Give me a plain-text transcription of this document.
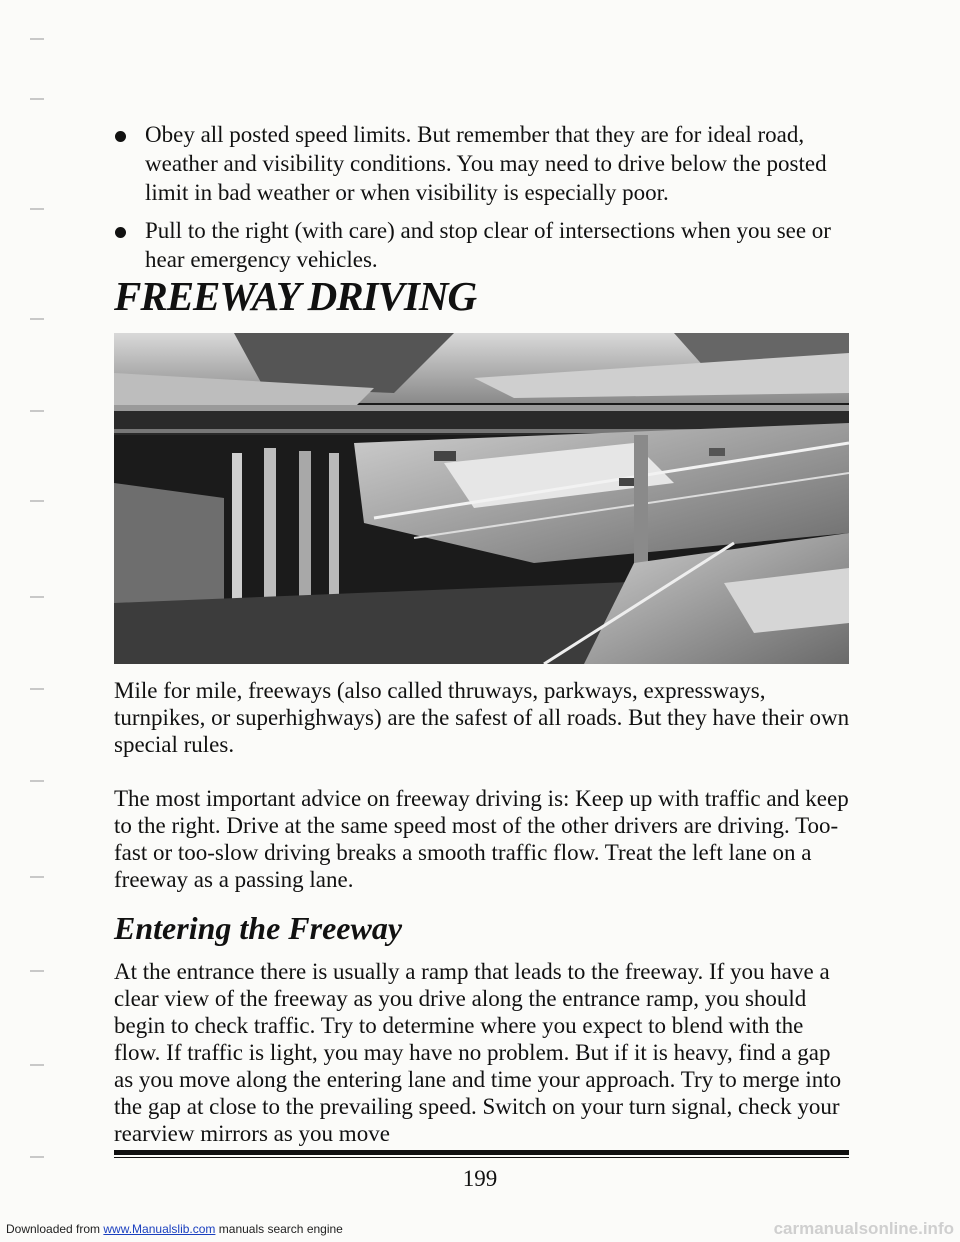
Obey all posted speed limits. But remember that they are for ideal road, weather and visibility conditions. You may need to drive below the posted limit in bad weather or when visibility is especially poor.
Pull to the right (with care) and stop clear of intersections when you see or hear emergency vehicles.
FREEWAY DRIVING

Mile for mile, freeways (also called thruways, parkways, expressways, turnpikes, or superhighways) are the safest of all roads. But they have their own special rules.

The most important advice on freeway driving is: Keep up with traffic and keep to the right. Drive at the same speed most of the other drivers are driving. Too-fast or too-slow driving breaks a smooth traffic flow. Treat the left lane on a freeway as a passing lane.

Entering the Freeway

At the entrance there is usually a ramp that leads to the freeway. If you have a clear view of the freeway as you drive along the entrance ramp, you should begin to check traffic. Try to determine where you expect to blend with the flow. If traffic is light, you may have no problem. But if it is heavy, find a gap as you move along the entering lane and time your approach. Try to merge into the gap at close to the prevailing speed. Switch on your turn signal, check your rearview mirrors as you move

199

Downloaded from www.Manualslib.com manuals search engine	carmanualsonline.info
